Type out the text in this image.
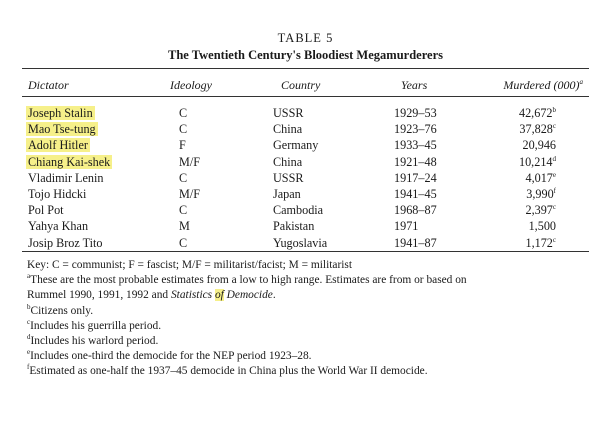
TABLE 5
The Twentieth Century's Bloodiest Megamurderers
Dictator	Ideology	Country	Years	Murdered $(000)^a$
Joseph Stalin	C	USSR	1929–53	42,672$^b$
Mao Tse-tung	C	China	1923–76	37,828$^c$
Adolf Hitler	F	Germany	1933–45	20,946
Chiang Kai-shek	M/F	China	1921–48	10,214$^d$
Vladimir Lenin	C	USSR	1917–24	4,017e
Tojo Hidcki	M/F	Japan	1941–45	3,990$^f$
Pol Pot	C	Cambodia	1968–87	2,397$^c$
Yahya Khan	M	Pakistan	1971	1,500
Josip Broz Tito	C	Yugoslavia	1941–87	1,172$^c$
Key: C = communist; F = fascist; M/F = militarist/facist; M = militarist
$^a$These are the most probable estimates from a low to high range. Estimates are from or based on
Rummel 1990, 1991, 1992 and Statistics of Democide.
$^b$Citizens only.
$^c$Includes his guerrilla period.
$^d$Includes his warlord period.
$^e$Includes one-third the democide for the NEP period 1923–28.
$^f$Estimated as one-half the 1937–45 democide in China plus the World War II democide.
